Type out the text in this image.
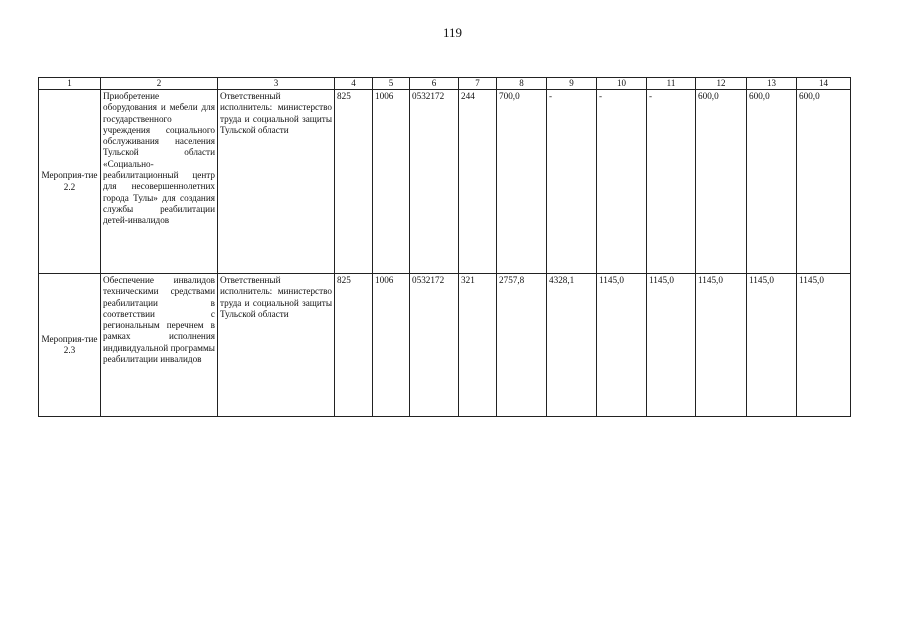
119
1	2	3	4	5	6	7	8	9	10	11	12	13	14
Мероприя-тие 2.2	Приобретение оборудования и мебели для государственного учреждения социального обслуживания населения Тульской области «Социально-реабилитационный центр для несовершеннолетних города Тулы» для создания службы реабилитации детей-инвалидов	Ответственный исполнитель: министерство труда и социальной защиты Тульской области	825	1006	0532172	244	700,0	-	-	-	600,0	600,0	600,0
Мероприя-тие 2.3	Обеспечение инвалидов техническими средствами реабилитации в соответствии с региональным перечнем в рамках исполнения индивидуальной программы реабилитации инвалидов	Ответственный исполнитель: министерство труда и социальной защиты Тульской области	825	1006	0532172	321	2757,8	4328,1	1145,0	1145,0	1145,0	1145,0	1145,0
